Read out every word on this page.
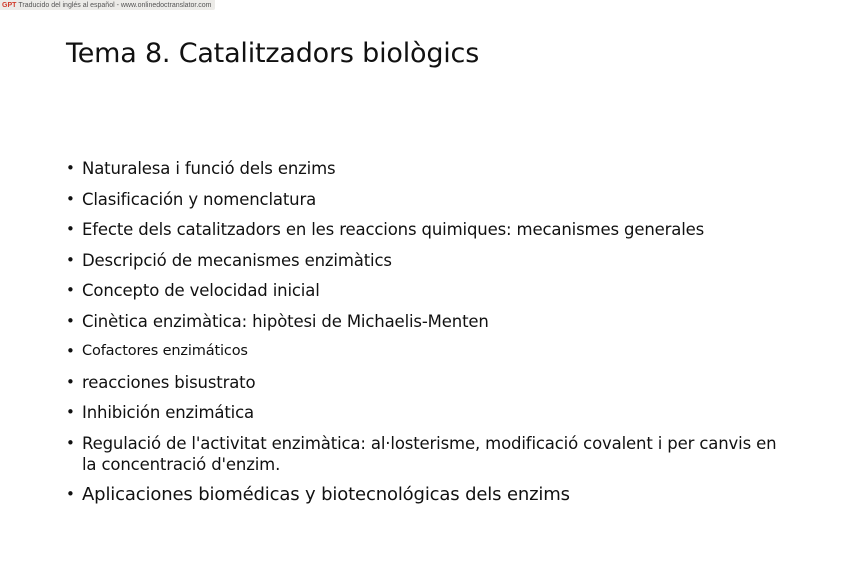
GPT Traducido del inglés al español - www.onlinedoctranslator.com
Tema 8. Catalitzadors biològics
• Naturalesa i funció dels enzims
• Clasificación y nomenclatura
• Efecte dels catalitzadors en les reaccions quimiques: mecanismes generales
• Descripció de mecanismes enzimàtics
• Concepto de velocidad inicial
• Cinètica enzimàtica: hipòtesi de Michaelis-Menten
• Cofactores enzimáticos
• reacciones bisustrato
• Inhibición enzimática
• Regulació de l'activitat enzimàtica: al·losterisme, modificació covalent i per canvis en la concentració d'enzim.
• Aplicaciones biomédicas y biotecnológicas dels enzims
